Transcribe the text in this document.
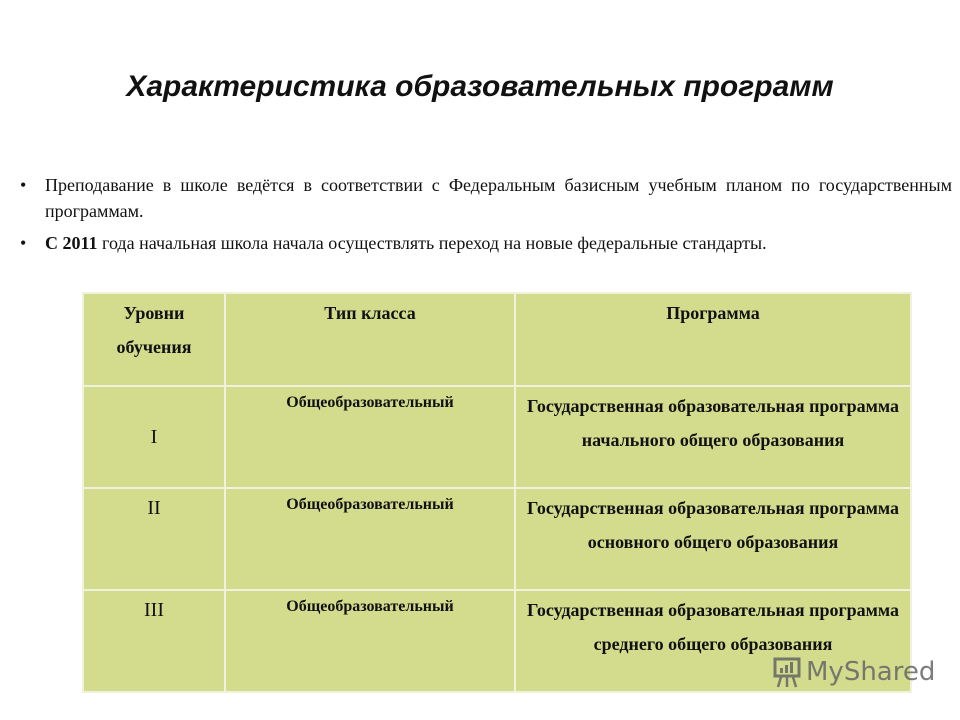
Характеристика образовательных программ
• Преподавание в школе ведётся в соответствии с Федеральным базисным учебным планом по государственным программам.
• С 2011 года начальная школа начала осуществлять переход на новые федеральные стандарты.
Уровни обучения	Тип класса	Программа
I	Общеобразовательный	Государственная образовательная программа начального общего образования
II	Общеобразовательный	Государственная образовательная программа основного общего образования
III	Общеобразовательный	Государственная образовательная программа среднего общего образования
MyShared
